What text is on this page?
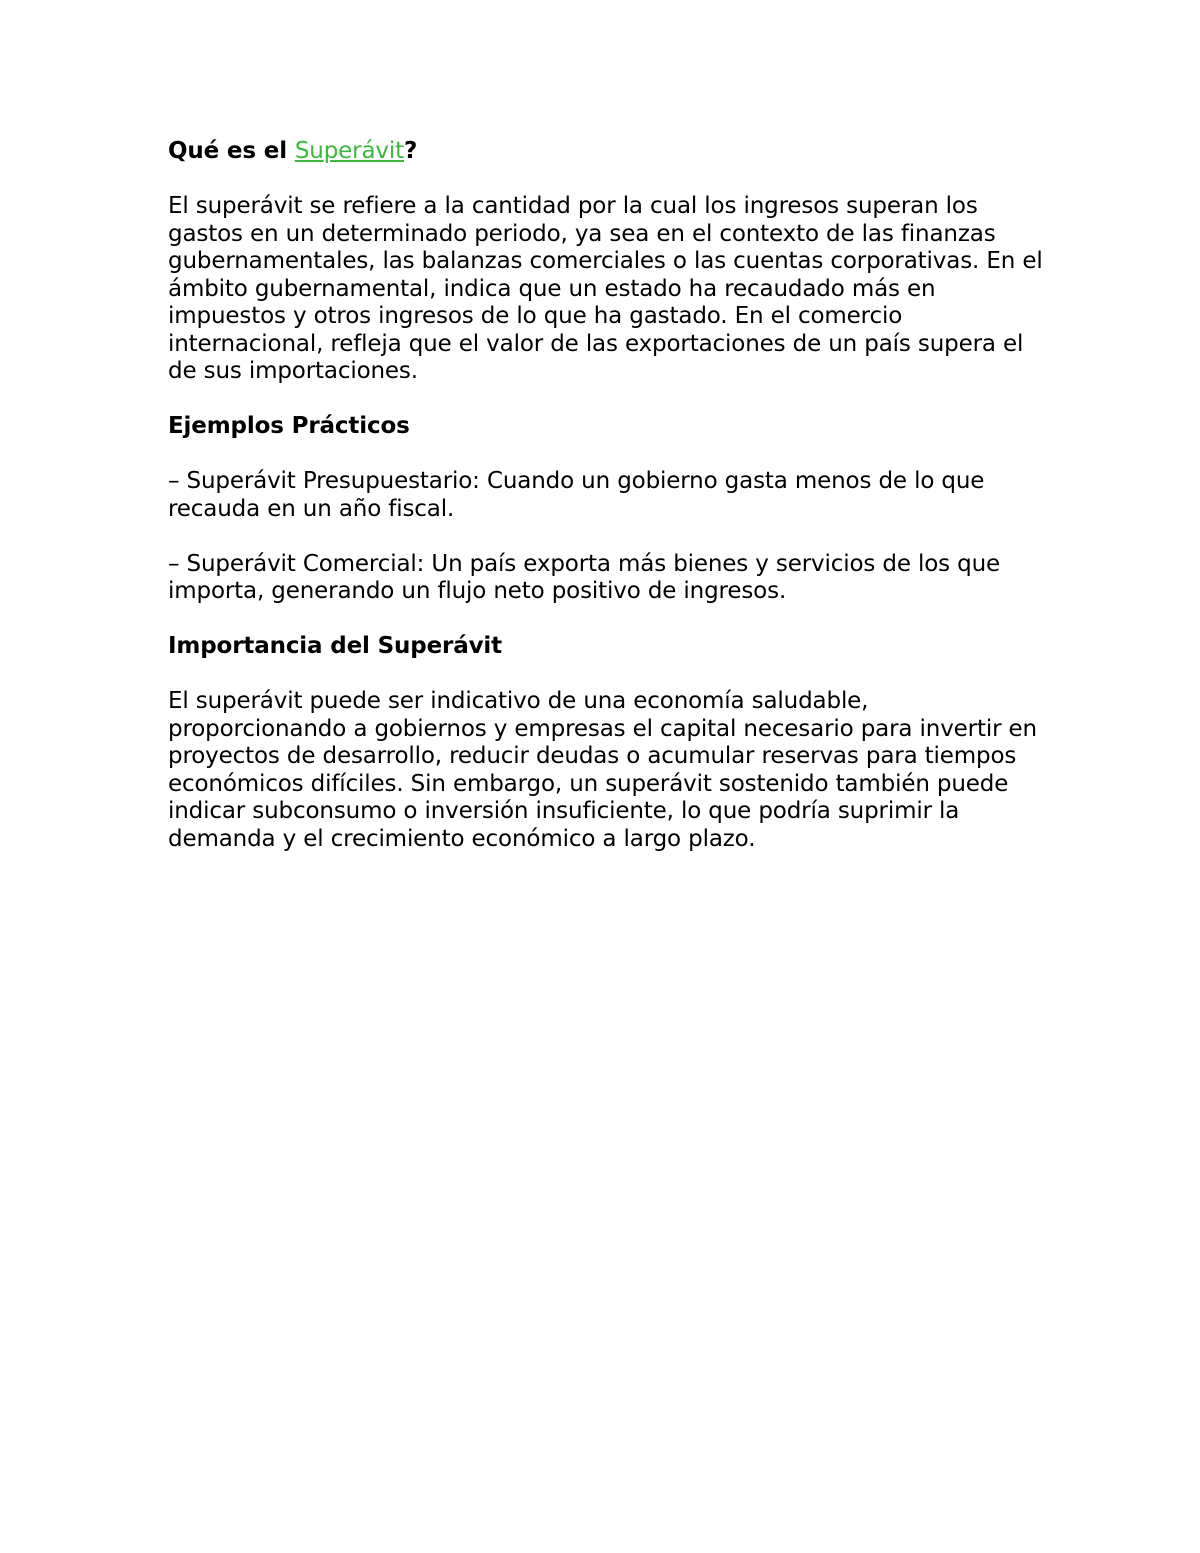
Qué es el Superávit?

El superávit se refiere a la cantidad por la cual los ingresos superan los gastos en un determinado periodo, ya sea en el contexto de las finanzas gubernamentales, las balanzas comerciales o las cuentas corporativas. En el ámbito gubernamental, indica que un estado ha recaudado más en impuestos y otros ingresos de lo que ha gastado. En el comercio internacional, refleja que el valor de las exportaciones de un país supera el de sus importaciones.

Ejemplos Prácticos

– Superávit Presupuestario: Cuando un gobierno gasta menos de lo que recauda en un año fiscal.

– Superávit Comercial: Un país exporta más bienes y servicios de los que importa, generando un flujo neto positivo de ingresos.

Importancia del Superávit

El superávit puede ser indicativo de una economía saludable, proporcionando a gobiernos y empresas el capital necesario para invertir en proyectos de desarrollo, reducir deudas o acumular reservas para tiempos económicos difíciles. Sin embargo, un superávit sostenido también puede indicar subconsumo o inversión insuficiente, lo que podría suprimir la demanda y el crecimiento económico a largo plazo.
